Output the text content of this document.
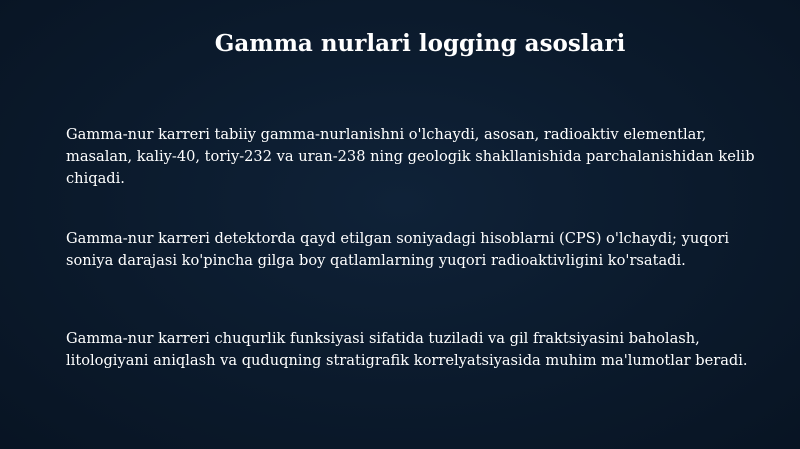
Gamma nurlari logging asoslari

Gamma-nur karreri tabiiy gamma-nurlanishni o'lchaydi, asosan, radioaktiv elementlar, masalan, kaliy-40, toriy-232 va uran-238 ning geologik shakllanishida parchalanishidan kelib chiqadi.

Gamma-nur karreri detektorda qayd etilgan soniyadagi hisoblarni (CPS) o'lchaydi; yuqori soniya darajasi ko'pincha gilga boy qatlamlarning yuqori radioaktivligini ko'rsatadi.

Gamma-nur karreri chuqurlik funksiyasi sifatida tuziladi va gil fraktsiyasini baholash, litologiyani aniqlash va quduqning stratigrafik korrelyatsiyasida muhim ma'lumotlar beradi.
